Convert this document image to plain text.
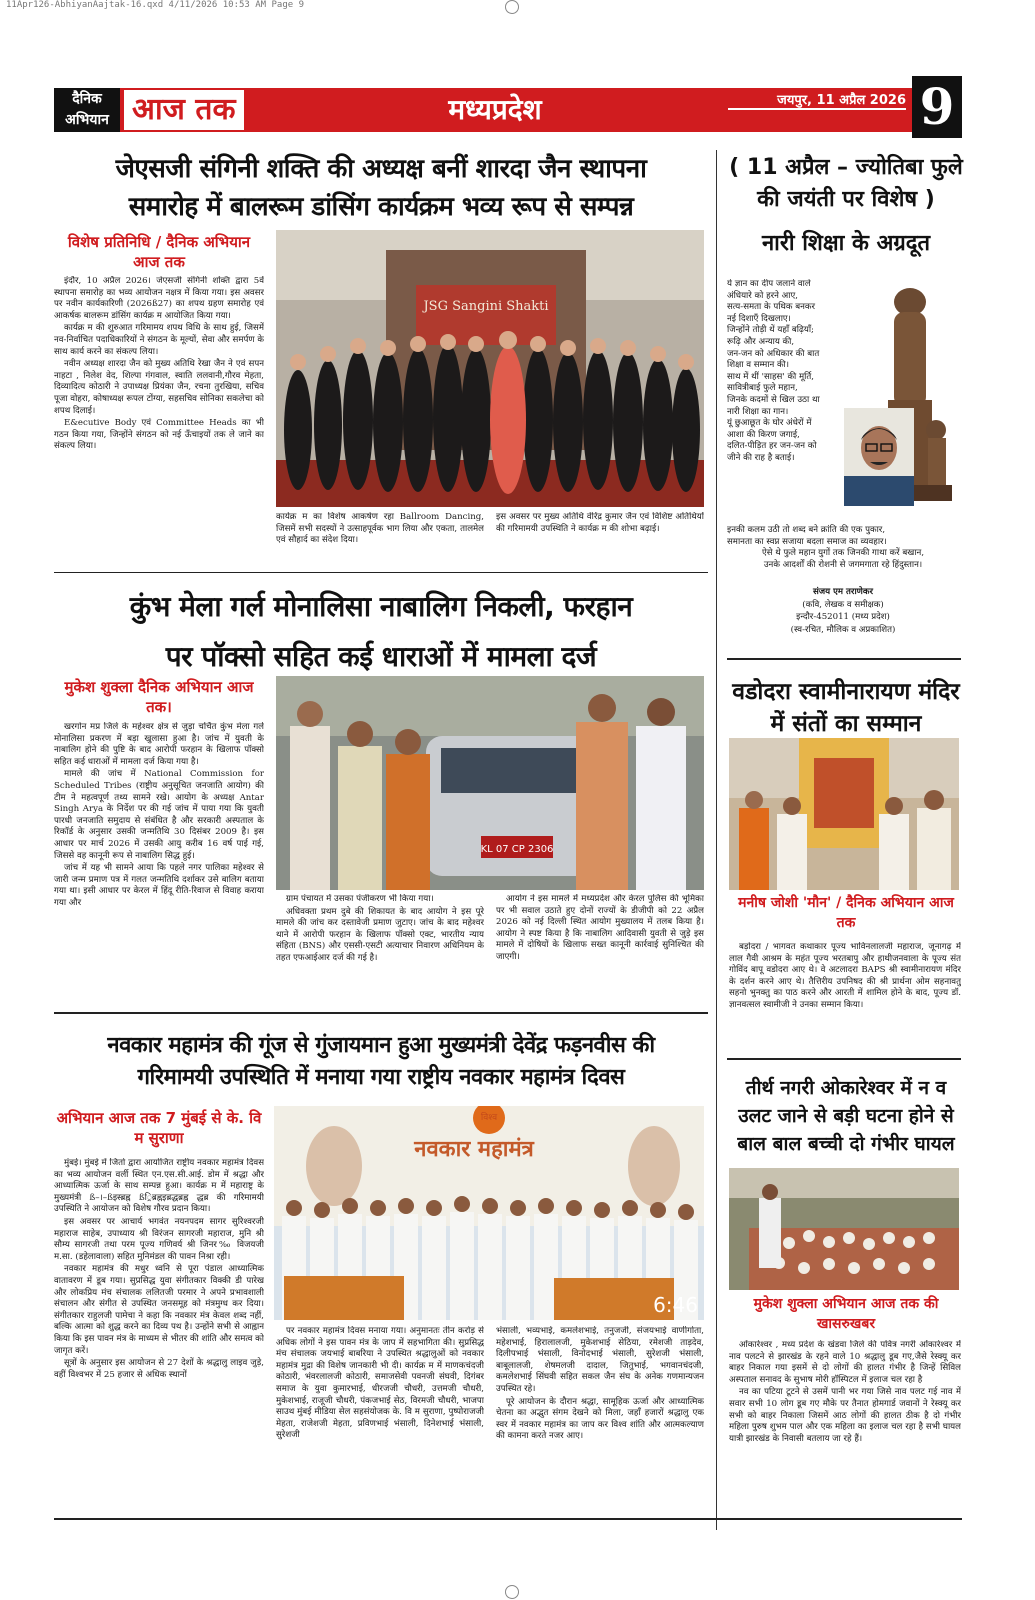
11Apr126-AbhiyanAajtak-16.qxd 4/11/2026 10:53 AM Page 9
दैनिक
अभियान आज तक	मध्यप्रदेश	जयपुर, 11 अप्रैल 2026 9
जेएसजी संगिनी शक्ति की अध्यक्ष बनीं शारदा जैन स्थापना
समारोह में बालरूम डांसिंग कार्यक्रम भव्य रूप से सम्पन्न
विशेष प्रतिनिधि / दैनिक अभियान आज तक

इंदौर, 10 अप्रैल 2026। जेएसजी संगिनी शक्ति द्वारा 5वें स्थापना समारोह का भव्य आयोजन नक्षत्र में किया गया। इस अवसर पर नवीन कार्यकारिणी (2026ß27) का शपथ ग्रहण समारोह एवं आकर्षक बालरूम डांसिंग कार्यक्र म आयोजित किया गया।

कार्यक्र म की शुरुआत गरिमामय शपथ विधि के साथ हुई, जिसमें नव-निर्वाचित पदाधिकारियों ने संगठन के मूल्यों, सेवा और समर्पण के साथ कार्य करने का संकल्प लिया।

नवीन अध्यक्ष शारदा जैन को मुख्य अतिथि रेखा जैन ने एवं सपन नाहटा , निलेश वेद, शिल्पा गंगवाल, स्वाति ललवानी,गौरव मेहता, दिव्यादित्य कोठारी ने उपाध्यक्ष प्रियंका जैन, रचना तुरखिया, सचिव पूजा वोहरा, कोषाध्यक्ष रूपल टोंग्या, सहसचिव सोनिका सकलेचा को शपथ दिलाई।

E&ecutive Body एवं Committee Heads का भी गठन किया गया, जिन्होंने संगठन को नई ऊँचाइयों तक ले जाने का संकल्प लिया।

JSG Sangini Shakti
कार्यक्र म का विशेष आकर्षण रहा Ballroom Dancing, जिसमें सभी सदस्यों ने उत्साहपूर्वक भाग लिया और एकता, तालमेल एवं सौहार्द का संदेश दिया।
इस अवसर पर मुख्य अतिथि वीरेंद्र कुमार जैन एवं विशिष्ट अतिथियों की गरिमामयी उपस्थिति ने कार्यक्र म की शोभा बढ़ाई।
( 11 अप्रैल – ज्योतिबा फुले की जयंती पर विशेष )
नारी शिक्षा के अग्रदूत
ये ज्ञान का दीप जलाने वाले
अंधियारे को हरने आए,
सत्य-समता के पथिक बनकर
नई दिशाएँ दिखलाए।
जिन्होंने तोड़ी थें यहाँ बढ़ियाँ;
रूढ़ि और अन्याय की,
जन-जन को अधिकार की बात
शिक्षा व सम्मान की।
साथ में थीं 'साहस' की मूर्ति,
सावित्रीबाई फुले महान,
जिनके कदमों से खिल उठा था
नारी शिक्षा का गान।
यूं छुआछूत के घोर अंधेरों में
आशा की किरण जगाई,
दलित-पीड़ित हर जन-जन को
जीने की राह है बताई।
इनकी कलम उठी तो शब्द बने क्रांति की एक पुकार,
समानता का स्वप्न सजाया बदला समाज का व्यवहार।
ऐसे थे फुले महान युगों तक जिनकी गाथा करें बखान,
उनके आदर्शों की रोशनी से जगमगाता रहे हिंदुस्तान।
संजय एम तराणेकर
(कवि, लेखक व समीक्षक)
इन्दौर-452011 (मध्य प्रदेश)
(स्व-रचित, मौलिक व अप्रकाशित)
कुंभ मेला गर्ल मोनालिसा नाबालिग निकली, फरहान
पर पॉक्सो सहित कई धाराओं में मामला दर्ज
मुकेश शुक्ला दैनिक अभियान आज तक।

खरगोन मप्र जिले के महेश्वर क्षेत्र से जुड़ा चर्चित कुंभ मेला गर्ल मोनालिसा प्रकरण में बड़ा खुलासा हुआ है। जांच में युवती के नाबालिग होने की पुष्टि के बाद आरोपी फरहान के खिलाफ पॉक्सो सहित कई धाराओं में मामला दर्ज किया गया है।

मामले की जांच में National Commission for Scheduled Tribes (राष्ट्रीय अनुसूचित जनजाति आयोग) की टीम ने महत्वपूर्ण तथ्य सामने रखे। आयोग के अध्यक्ष Antar Singh Arya के निर्देश पर की गई जांच में पाया गया कि युवती पारधी जनजाति समुदाय से संबंधित है और सरकारी अस्पताल के रिकॉर्ड के अनुसार उसकी जन्मतिथि 30 दिसंबर 2009 है। इस आधार पर मार्च 2026 में उसकी आयु करीब 16 वर्ष पाई गई, जिससे वह कानूनी रूप से नाबालिग सिद्ध हुई।

जांच में यह भी सामने आया कि पहले नगर पालिका महेश्वर से जारी जन्म प्रमाण पत्र में गलत जन्मतिथि दर्शाकर उसे बालिग बताया गया था। इसी आधार पर केरल में हिंदू रीति-रिवाज से विवाह कराया गया और

KL 07 CP 2306

ग्राम पंचायत में उसका पंजीकरण भी किया गया।

अधिवक्ता प्रथम दुबे की शिकायत के बाद आयोग ने इस पूरे मामले की जांच कर दस्तावेजी प्रमाण जुटाए। जांच के बाद महेश्वर थाने में आरोपी फरहान के खिलाफ पॉक्सो एक्ट, भारतीय न्याय संहिता (BNS) और एससी-एसटी अत्याचार निवारण अधिनियम के तहत एफआईआर दर्ज की गई है।

आयोग ने इस मामले में मध्यप्रदेश और केरल पुलिस की भूमिका पर भी सवाल उठाते हुए दोनों राज्यों के डीजीपी को 22 अप्रैल 2026 को नई दिल्ली स्थित आयोग मुख्यालय में तलब किया है। आयोग ने स्पष्ट किया है कि नाबालिग आदिवासी युवती से जुड़े इस मामले में दोषियों के खिलाफ सख्त कानूनी कार्रवाई सुनिश्चित की जाएगी।

वडोदरा स्वामीनारायण मंदिर में संतों का सम्मान
मनीष जोशी 'मौन' / दैनिक अभियान आज तक

बड़ोदरा / भागवत कथाकार पूज्य भाविनलालजी महाराज, जूनागढ़ में लाल गैवी आश्रम के महंत पूज्य भरतबापु और हाथीजनवाला के पूज्य संत गोविंद बापू वडोदरा आए थे। वे अटलादरा BAPS श्री स्वामीनारायण मंदिर के दर्शन करने आए थे। तैत्तिरीय उपनिषद की श्री प्रार्थना ओम सहनावतु सहनो भुनक्तु का पाठ करने और आरती में शामिल होने के बाद, पूज्य डॉ. ज्ञानवत्सल स्वामीजी ने उनका सम्मान किया।

नवकार महामंत्र की गूंज से गुंजायमान हुआ मुख्यमंत्री देवेंद्र फड़नवीस की
गरिमामयी उपस्थिति में मनाया गया राष्ट्रीय नवकार महामंत्र दिवस
अभियान आज तक 7 मुंबई से के. वि म सुराणा

मुंबई। मुंबई में जितो द्वारा आयोजित राष्ट्रीय नवकार महामंत्र दिवस का भव्य आयोजन वर्ली स्थित एन.एस.सी.आई. डोम में श्रद्धा और आध्यात्मिक ऊर्जा के साथ सम्पन्न हुआ। कार्यक्र म में महाराष्ट्र के मुख्यमंत्री ß–।–ßइस्ब्रह्न ß्रिब्रह्नइब्रद्धब्रह्न द्धब्र की गरिमामयी उपस्थिति ने आयोजन को विशेष गौरव प्रदान किया।

इस अवसर पर आचार्य भगवंत नयनपदम सागर सुरिश्वरजी महाराज साहेब, उपाध्याय श्री विरंजन सागरजी महाराज, मुनि श्री सौम्य सागरजी तथा परम पूज्य गणिवर्य श्री जिनर‰ विजयजी म.सा. (डहेलावाला) सहित मुनिमंडल की पावन निश्रा रही।

नवकार महामंत्र की मधुर ध्वनि से पूरा पंडाल आध्यात्मिक वातावरण में डूब गया। सुप्रसिद्ध युवा संगीतकार विक्की डी पारेख और लोकप्रिय मंच संचालक ललितजी परमार ने अपने प्रभावशाली संचालन और संगीत से उपस्थित जनसमूह को मंत्रमुग्ध कर दिया। संगीतकार राहुलजी पामेचा ने कहा कि नवकार मंत्र केवल शब्द नहीं, बल्कि आत्मा को शुद्ध करने का दिव्य पथ है। उन्होंने सभी से आह्वान किया कि इस पावन मंत्र के माध्यम से भीतर की शांति और समत्व को जागृत करें।

सूत्रों के अनुसार इस आयोजन से 27 देशों के श्रद्धालु लाइव जुड़े, वहीं विश्वभर में 25 हजार से अधिक स्थानों

विश्व
नवकार महामंत्र
6:46

पर नवकार महामंत्र दिवस मनाया गया। अनुमानतः तीन करोड़ से अधिक लोगों ने इस पावन मंत्र के जाप में सहभागिता की। सुप्रसिद्ध मंच संचालक जयभाई बाबरिया ने उपस्थित श्रद्धालुओं को नवकार महामंत्र मुद्रा की विशेष जानकारी भी दी। कार्यक्र म में माणकचंदजी कोठारी, भंवरलालजी कोठारी, समाजसेवी पवनजी संघवी, दिगंबर समाज के युवा कुमारभाई, धीरजजी चौधरी, उत्तमजी चौधरी, मुकेशभाई, राजूजी चौधरी, पंकजभाई सेठ, विरमजी चौधरी, भाजपा साउथ मुंबई मीडिया सेल सहसंयोजक के. वि म सुराणा, पुष्पोराजजी मेहता, राजेशजी मेहता, प्रविणभाई भंसाली, दिनेशभाई भंसाली, सुरेशजी

भंसाली, भव्यभाई, कमलेशभाई, तनुजजी, संजयभाई वाणीगोता, महेशभाई, हिरालालजी, मुकेशभाई सेठिया, रमेशजी ताड़देव, दिलीपभाई भंसाली, विनोदभाई भंसाली, सुरेशजी भंसाली, बाबूलालजी, शेषमलजी दादाल, जितुभाई, भगवानचंदजी, कमलेशभाई सिंघवी सहित सकल जैन संघ के अनेक गणमान्यजन उपस्थित रहे।

पूरे आयोजन के दौरान श्रद्धा, सामूहिक ऊर्जा और आध्यात्मिक चेतना का अद्भुत संगम देखने को मिला, जहाँ हजारों श्रद्धालु एक स्वर में नवकार महामंत्र का जाप कर विश्व शांति और आत्मकल्याण की कामना करते नजर आए।

तीर्थ नगरी ओकारेश्वर में न व उलट जाने से बड़ी घटना होने से बाल बाल बच्ची दो गंभीर घायल
मुकेश शुक्ला अभियान आज तक की खासरुखबर

ओंकारेश्वर , मध्य प्रदेश के खंडवा जिले की पवित्र नगरी ओंकारेश्वर में नाव पलटने से झारखंड के रहने वाले 10 श्रद्धालु डूब गए,जैसे रेस्क्यू कर बाहर निकाल गया इसमें से दो लोगों की हालत गंभीर है जिन्हें सिविल अस्पताल सनावद के सुभाष मोरी हॉस्पिटल में इलाज चल रहा है

नव का पटिया टूटने से उसमें पानी भर गया जिसे नाव पलट गई नाव में सवार सभी 10 लोग डूब गए मौके पर तैनात होमगार्ड जवानों ने रेस्क्यू कर सभी को बाहर निकाला जिसमें आठ लोगों की हालत ठीक है दो गंभीर महिला पुरुष शुभम पाल और एक महिला का इलाज चल रहा है सभी घायल यात्री झारखंड के निवासी बतलाय जा रहे हैं।
